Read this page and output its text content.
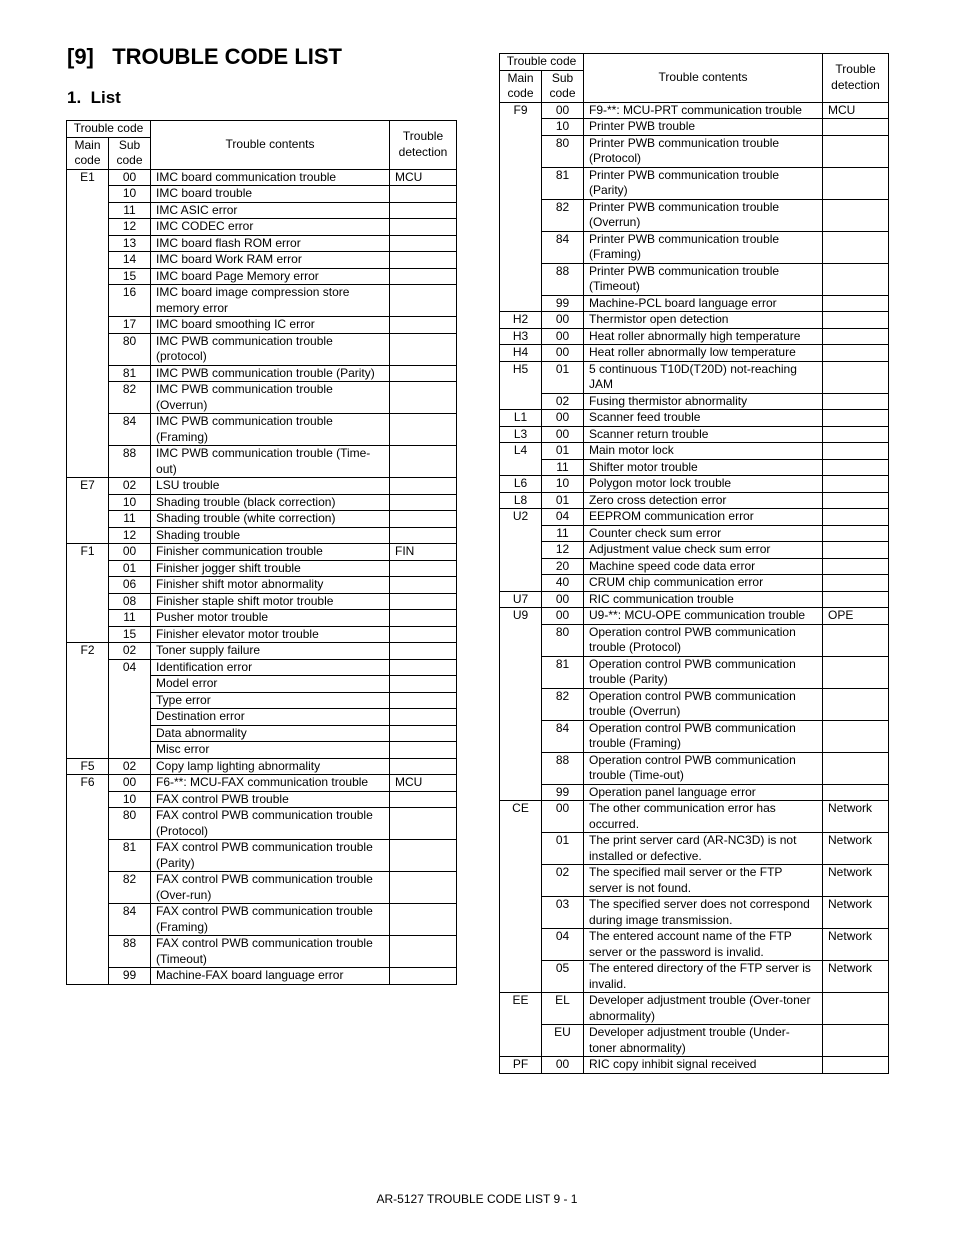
[9]   TROUBLE CODE LIST
1.  List
Trouble code		Trouble contents	Trouble detection
Main code	Sub code		
E1	00	IMC board communication trouble	MCU
	10	IMC board trouble	
	11	IMC ASIC error	
	12	IMC CODEC error	
	13	IMC board flash ROM error	
	14	IMC board Work RAM error	
	15	IMC board Page Memory error	
	16	IMC board image compression store memory error	
	17	IMC board smoothing IC error	
	80	IMC PWB communication trouble (protocol)	
	81	IMC PWB communication trouble (Parity)	
	82	IMC PWB communication trouble (Overrun)	
	84	IMC PWB communication trouble (Framing)	
	88	IMC PWB communication trouble (Time-out)	
E7	02	LSU trouble	
	10	Shading trouble (black correction)	
	11	Shading trouble (white correction)	
	12	Shading trouble	
F1	00	Finisher communication trouble	FIN
	01	Finisher jogger shift trouble	
	06	Finisher shift motor abnormality	
	08	Finisher staple shift motor trouble	
	11	Pusher motor trouble	
	15	Finisher elevator motor trouble	
F2	02	Toner supply failure	
	04	Identification error	
		Model error	
		Type error	
		Destination error	
		Data abnormality	
		Misc error	
F5	02	Copy lamp lighting abnormality	
F6	00	F6-**: MCU-FAX communication trouble	MCU
	10	FAX control PWB trouble	
	80	FAX control PWB communication trouble (Protocol)	
	81	FAX control PWB communication trouble (Parity)	
	82	FAX control PWB communication trouble (Over-run)	
	84	FAX control PWB communication trouble (Framing)	
	88	FAX control PWB communication trouble (Timeout)	
	99	Machine-FAX board language error	
Trouble code		Trouble contents	Trouble detection
Main code	Sub code		
F9	00	F9-**: MCU-PRT communication trouble	MCU
	10	Printer PWB trouble	
	80	Printer PWB communication trouble (Protocol)	
	81	Printer PWB communication trouble (Parity)	
	82	Printer PWB communication trouble (Overrun)	
	84	Printer PWB communication trouble (Framing)	
	88	Printer PWB communication trouble (Timeout)	
	99	Machine-PCL board language error	
H2	00	Thermistor open detection	
H3	00	Heat roller abnormally high temperature	
H4	00	Heat roller abnormally low temperature	
H5	01	5 continuous T10D(T20D) not-reaching JAM	
	02	Fusing thermistor abnormality	
L1	00	Scanner feed trouble	
L3	00	Scanner return trouble	
L4	01	Main motor lock	
	11	Shifter motor trouble	
L6	10	Polygon motor lock trouble	
L8	01	Zero cross detection error	
U2	04	EEPROM communication error	
	11	Counter check sum error	
	12	Adjustment value check sum error	
	20	Machine speed code data error	
	40	CRUM chip communication error	
U7	00	RIC communication trouble	
U9	00	U9-**: MCU-OPE communication trouble	OPE
	80	Operation control PWB communication trouble (Protocol)	
	81	Operation control PWB communication trouble (Parity)	
	82	Operation control PWB communication trouble (Overrun)	
	84	Operation control PWB communication trouble (Framing)	
	88	Operation control PWB communication trouble (Time-out)	
	99	Operation panel language error	
CE	00	The other communication error has occurred.	Network
	01	The print server card (AR-NC3D) is not installed or defective.	Network
	02	The specified mail server or the FTP server is not found.	Network
	03	The specified server does not correspond during image transmission.	Network
	04	The entered account name of the FTP server or the password is invalid.	Network
	05	The entered directory of the FTP server is invalid.	Network
EE	EL	Developer adjustment trouble (Over-toner abnormality)	
	EU	Developer adjustment trouble (Under-toner abnormality)	
PF	00	RIC copy inhibit signal received	
AR-5127 TROUBLE CODE LIST 9 - 1
